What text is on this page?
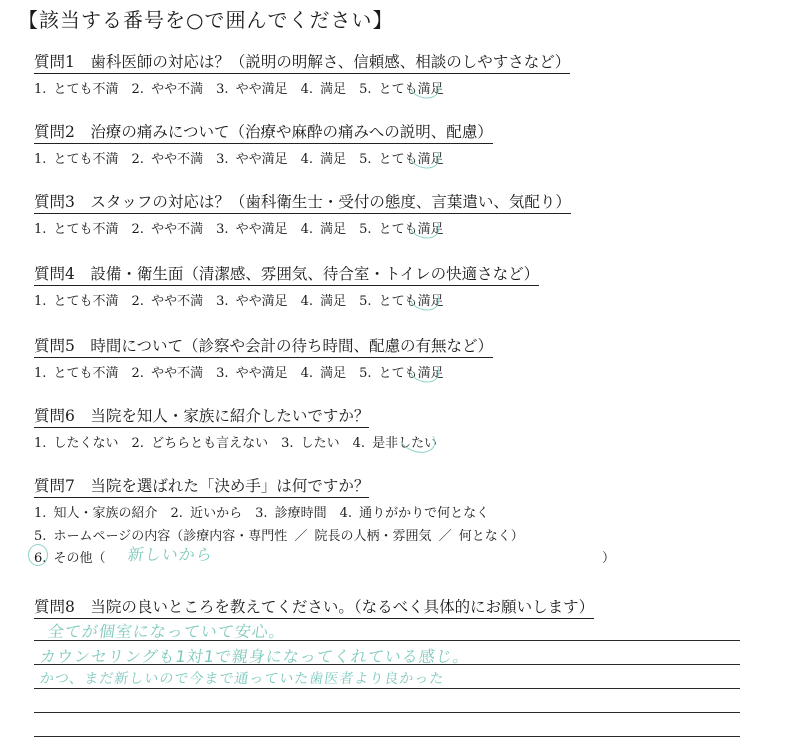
【該当する番号を○で囲んでください】
質問1　歯科医師の対応は？（説明の明解さ、信頼感、相談のしやすさなど）
1. とても不満　2. やや不満　3. やや満足　4. 満足　5. とても満足
質問2　治療の痛みについて（治療や麻酔の痛みへの説明、配慮）
1. とても不満　2. やや不満　3. やや満足　4. 満足　5. とても満足
質問3　スタッフの対応は？（歯科衛生士・受付の態度、言葉遣い、気配り）
1. とても不満　2. やや不満　3. やや満足　4. 満足　5. とても満足
質問4　設備・衛生面（清潔感、雰囲気、待合室・トイレの快適さなど）
1. とても不満　2. やや不満　3. やや満足　4. 満足　5. とても満足
質問5　時間について（診察や会計の待ち時間、配慮の有無など）
1. とても不満　2. やや不満　3. やや満足　4. 満足　5. とても満足
質問6　当院を知人・家族に紹介したいですか？
1. したくない　2. どちらとも言えない　3. したい　4. 是非したい
質問7　当院を選ばれた「決め手」は何ですか？
1. 知人・家族の紹介　2. 近いから　3. 診療時間　4. 通りがかりで何となく
5. ホームページの内容（診療内容・専門性 ／ 院長の人柄・雰囲気 ／ 何となく）
6. その他（ 新しいから	）
質問8　当院の良いところを教えてください。（なるべく具体的にお願いします）
全てが個室になっていて安心。
カウンセリングも1対1で親身になってくれている感じ。
かつ、まだ新しいので今まで通っていた歯医者より良かった
